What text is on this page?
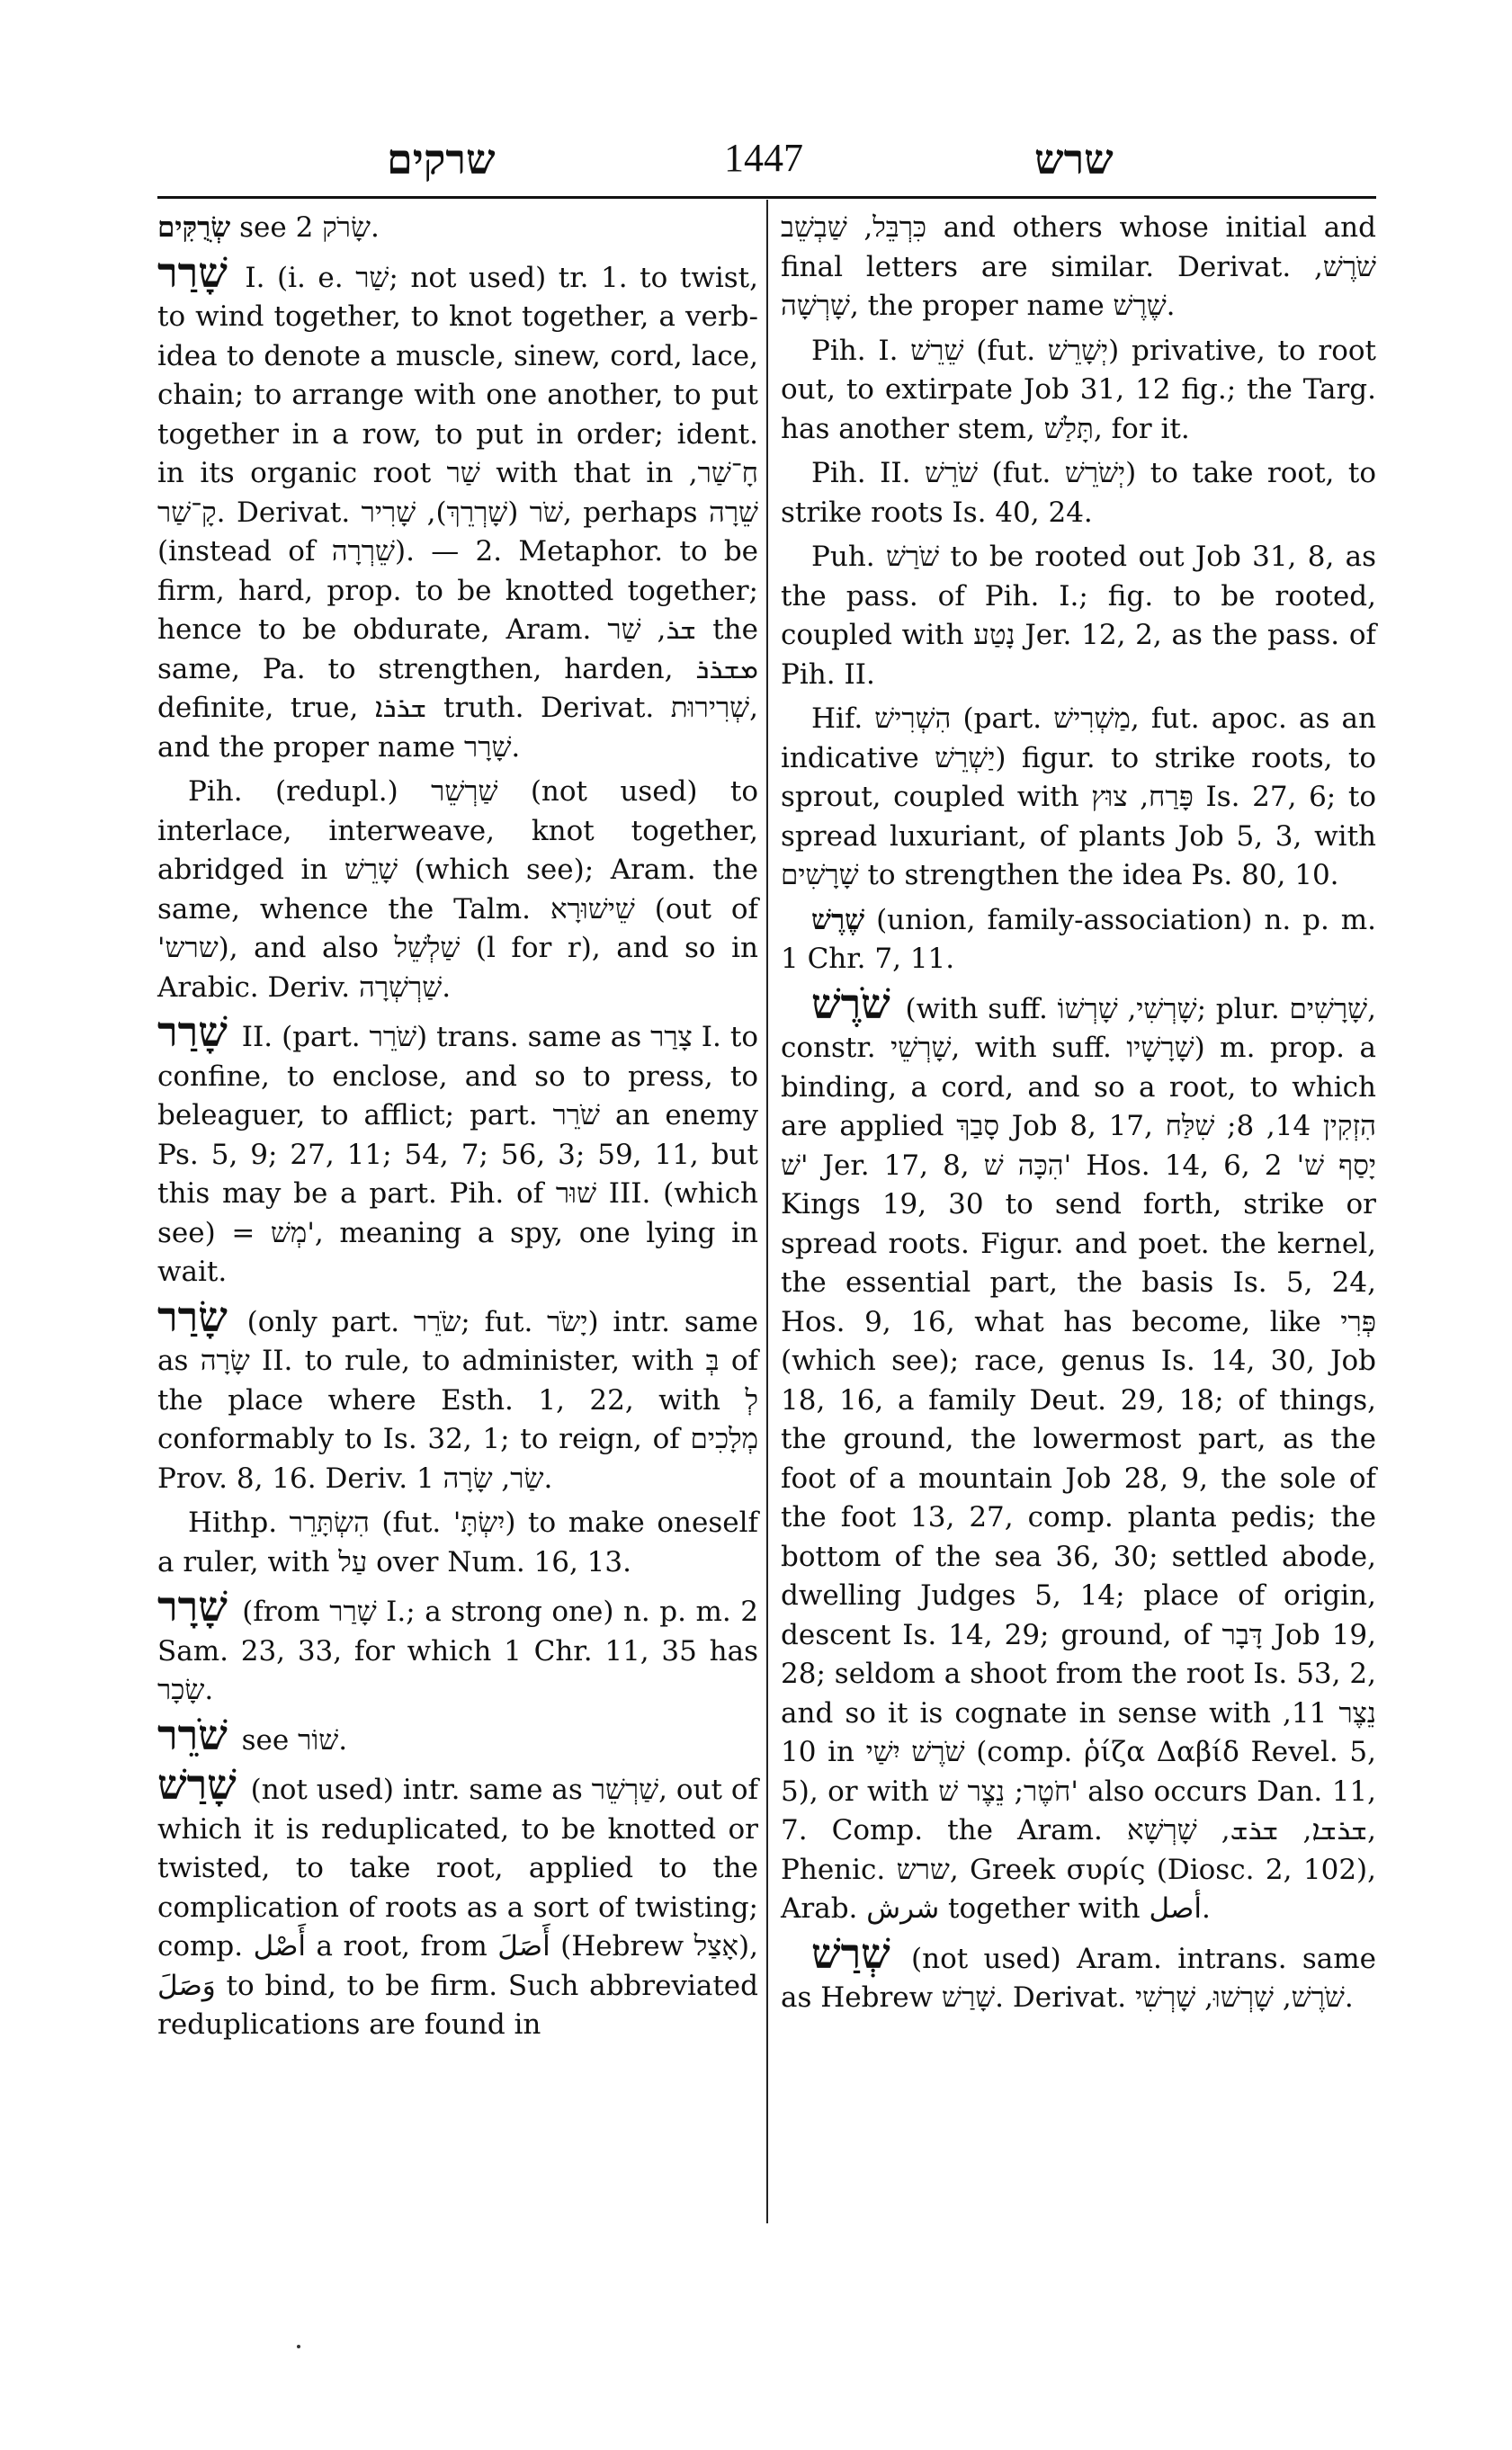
שרקים	1447	שרש

שְׂרֻקִּים see שָׂרֹק 2.

שָׁרַר I. (i. e. שַׁר; not used) tr. 1. to twist, to wind together, to knot together, a verb-idea to denote a muscle, sinew, cord, lace, chain; to arrange with one another, to put together in a row, to put in order; ident. in its organic root שַׁר with that in חָ־שַׁר, קָ־שַׁר. Derivat. שֹׁר (שָׁרְרֵךְ), שָׁרִיר, perhaps שֵׁרָה (instead of שֵׁרְרָה). — 2. Metaphor. to be firm, hard, prop. to be knotted together; hence to be obdurate, Aram. ܫܪ, שַׁר the same, Pa. to strengthen, harden, ܡܫܪܪ definite, true, ܫܪܪܐ truth. Derivat. שְׁרִירוּת, and the proper name שָׁרָר.

Pih. (redupl.) שַׁרְשֵׁר (not used) to interlace, interweave, knot together, abridged in שָׁרֵשׁ (which see); Aram. the same, whence the Talm. שֵׁישׁוּרָא (out of 'שרש), and also שַׁלְשֵׁל (l for r), and so in Arabic. Deriv. שַׁרְשְׁרָה.

שָׁרַר II. (part. שֹׁרֵר) trans. same as צָרַר I. to confine, to enclose, and so to press, to beleaguer, to afflict; part. שֹׁרֵר an enemy Ps. 5, 9; 27, 11; 54, 7; 56, 3; 59, 11, but this may be a part. Pih. of שׁוּר III. (which see) = מְשׁ', meaning a spy, one lying in wait.

שָׂרַר (only part. שֹׂרֵר; fut. יָשֹׂר) intr. same as שָׂרָה II. to rule, to administer, with בְּ of the place where Esth. 1, 22, with לְ conformably to Is. 32, 1; to reign, of מְלָכִים Prov. 8, 16. Deriv. שַׂר, שָׂרָה 1.

Hithp. הִשְׂתָּרֵר (fut. 'יִשְׂתָּ) to make oneself a ruler, with עַל over Num. 16, 13.

שָׁרָר (from שָׁרַר I.; a strong one) n. p. m. 2 Sam. 23, 33, for which 1 Chr. 11, 35 has שָׂכָר.

שֹׁרֵר see שׁוֹר.

שָׁרַשׁ (not used) intr. same as שַׁרְשֵׁר, out of which it is reduplicated, to be knotted or twisted, to take root, applied to the complication of roots as a sort of twisting; comp. أَصْل a root, from أَصَلَ (Hebrew אָצַל), وَصَلَ to bind, to be firm. Such abbreviated reduplications are found in

כִּרְבֵּל, שַׁבְשֵׁב and others whose initial and final letters are similar. Derivat. שֹׁרֶשׁ, שָׁרְשָׁה, the proper name שֶׁרֶשׁ.

Pih. I. שֵׁרֵשׁ (fut. יְשָׁרֵשׁ) privative, to root out, to extirpate Job 31, 12 fig.; the Targ. has another stem, תָּלַשׁ, for it.

Pih. II. שֹׁרֵשׁ (fut. יְשֹׁרֵשׁ) to take root, to strike roots Is. 40, 24.

Puh. שֹׁרַשׁ to be rooted out Job 31, 8, as the pass. of Pih. I.; fig. to be rooted, coupled with נָטַע Jer. 12, 2, as the pass. of Pih. II.

Hif. הִשְׁרִישׁ (part. מַשְׁרִישׁ, fut. apoc. as an indicative יַשְׁרֵשׁ) figur. to strike roots, to sprout, coupled with פָּרַח, צוּץ Is. 27, 6; to spread luxuriant, of plants Job 5, 3, with שָׁרָשִׁים to strengthen the idea Ps. 80, 10.

שֶׁרֶשׁ (union, family-association) n. p. m. 1 Chr. 7, 11.

שֹׁרֶשׁ (with suff. שָׁרְשִׁי, שָׁרְשׁוֹ; plur. שָׁרָשִׁים, constr. שָׁרְשֵׁי, with suff. שָׁרָשָׁיו) m. prop. a binding, a cord, and so a root, to which are applied סָבַךְ Job 8, 17, הִזְקִין 14, 8; שִׁלַּח שׁ' Jer. 17, 8, הִכָּה שׁ' Hos. 14, 6, יָסַף שׁ' 2 Kings 19, 30 to send forth, strike or spread roots. Figur. and poet. the kernel, the essential part, the basis Is. 5, 24, Hos. 9, 16, what has become, like פְּרִי (which see); race, genus Is. 14, 30, Job 18, 16, a family Deut. 29, 18; of things, the ground, the lowermost part, as the foot of a mountain Job 28, 9, the sole of the foot 13, 27, comp. planta pedis; the bottom of the sea 36, 30; settled abode, dwelling Judges 5, 14; place of origin, descent Is. 14, 29; ground, of דָּבָר Job 19, 28; seldom a shoot from the root Is. 53, 2, and so it is cognate in sense with נֵצֶר 11, 10 in שֹׁרֶשׁ יִשַׁי (comp. ῥίζα Δαβίδ Revel. 5, 5), or with חֹטֶר; נֵצֶר שׁ' also occurs Dan. 11, 7. Comp. the Aram. ܫܪܫܐ, ܫܪܫ, שָׁרְשָׁא, Phenic. שרש, Greek συρίς (Diosc. 2, 102), Arab. شرش together with أصل.

שְׁרַשׁ (not used) Aram. intrans. same as Hebrew שָׁרַשׁ. Derivat. שֹׁרֶשׁ, שָׁרְשׁוּ, שָׁרְשִׁי.
